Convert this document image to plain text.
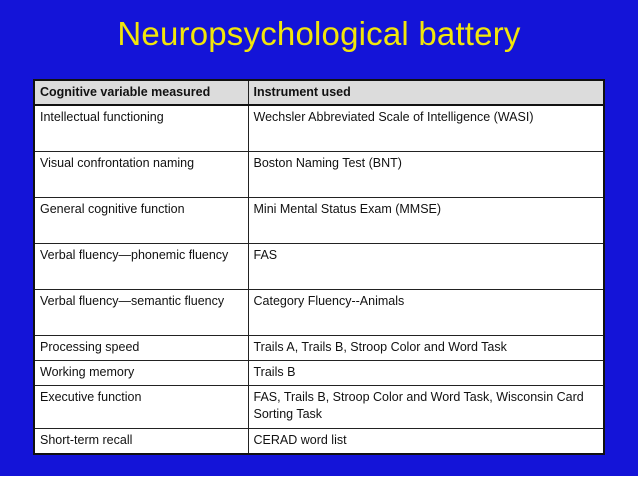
Neuropsychological battery
Cognitive variable measured	Instrument used
Intellectual functioning	Wechsler Abbreviated Scale of Intelligence (WASI)
Visual confrontation naming	Boston Naming Test (BNT)
General cognitive function	Mini Mental Status Exam (MMSE)
Verbal fluency—phonemic fluency	FAS
Verbal fluency—semantic fluency	Category Fluency--Animals
Processing speed	Trails A, Trails B, Stroop Color and Word Task
Working memory	Trails B
Executive function	FAS, Trails B, Stroop Color and Word Task, Wisconsin Card Sorting Task
Short-term recall	CERAD word list
